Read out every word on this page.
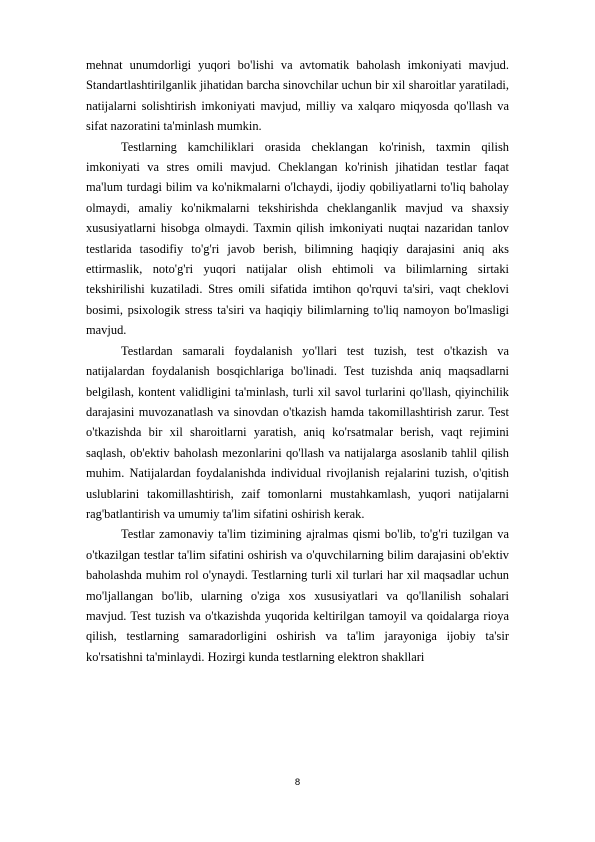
mehnat unumdorligi yuqori bo'lishi va avtomatik baholash imkoniyati mavjud. Standartlashtirilganlik jihatidan barcha sinovchilar uchun bir xil sharoitlar yaratiladi, natijalarni solishtirish imkoniyati mavjud, milliy va xalqaro miqyosda qo'llash va sifat nazoratini ta'minlash mumkin.

Testlarning kamchiliklari orasida cheklangan ko'rinish, taxmin qilish imkoniyati va stres omili mavjud. Cheklangan ko'rinish jihatidan testlar faqat ma'lum turdagi bilim va ko'nikmalarni o'lchaydi, ijodiy qobiliyatlarni to'liq baholay olmaydi, amaliy ko'nikmalarni tekshirishda cheklanganlik mavjud va shaxsiy xususiyatlarni hisobga olmaydi. Taxmin qilish imkoniyati nuqtai nazaridan tanlov testlarida tasodifiy to'g'ri javob berish, bilimning haqiqiy darajasini aniq aks ettirmaslik, noto'g'ri yuqori natijalar olish ehtimoli va bilimlarning sirtaki tekshirilishi kuzatiladi. Stres omili sifatida imtihon qo'rquvi ta'siri, vaqt cheklovi bosimi, psixologik stress ta'siri va haqiqiy bilimlarning to'liq namoyon bo'lmasligi mavjud.

Testlardan samarali foydalanish yo'llari test tuzish, test o'tkazish va natijalardan foydalanish bosqichlariga bo'linadi. Test tuzishda aniq maqsadlarni belgilash, kontent validligini ta'minlash, turli xil savol turlarini qo'llash, qiyinchilik darajasini muvozanatlash va sinovdan o'tkazish hamda takomillashtirish zarur. Test o'tkazishda bir xil sharoitlarni yaratish, aniq ko'rsatmalar berish, vaqt rejimini saqlash, ob'ektiv baholash mezonlarini qo'llash va natijalarga asoslanib tahlil qilish muhim. Natijalardan foydalanishda individual rivojlanish rejalarini tuzish, o'qitish uslublarini takomillashtirish, zaif tomonlarni mustahkamlash, yuqori natijalarni rag'batlantirish va umumiy ta'lim sifatini oshirish kerak.

Testlar zamonaviy ta'lim tizimining ajralmas qismi bo'lib, to'g'ri tuzilgan va o'tkazilgan testlar ta'lim sifatini oshirish va o'quvchilarning bilim darajasini ob'ektiv baholashda muhim rol o'ynaydi. Testlarning turli xil turlari har xil maqsadlar uchun mo'ljallangan bo'lib, ularning o'ziga xos xususiyatlari va qo'llanilish sohalari mavjud. Test tuzish va o'tkazishda yuqorida keltirilgan tamoyil va qoidalarga rioya qilish, testlarning samaradorligini oshirish va ta'lim jarayoniga ijobiy ta'sir ko'rsatishni ta'minlaydi. Hozirgi kunda testlarning elektron shakllari

8
